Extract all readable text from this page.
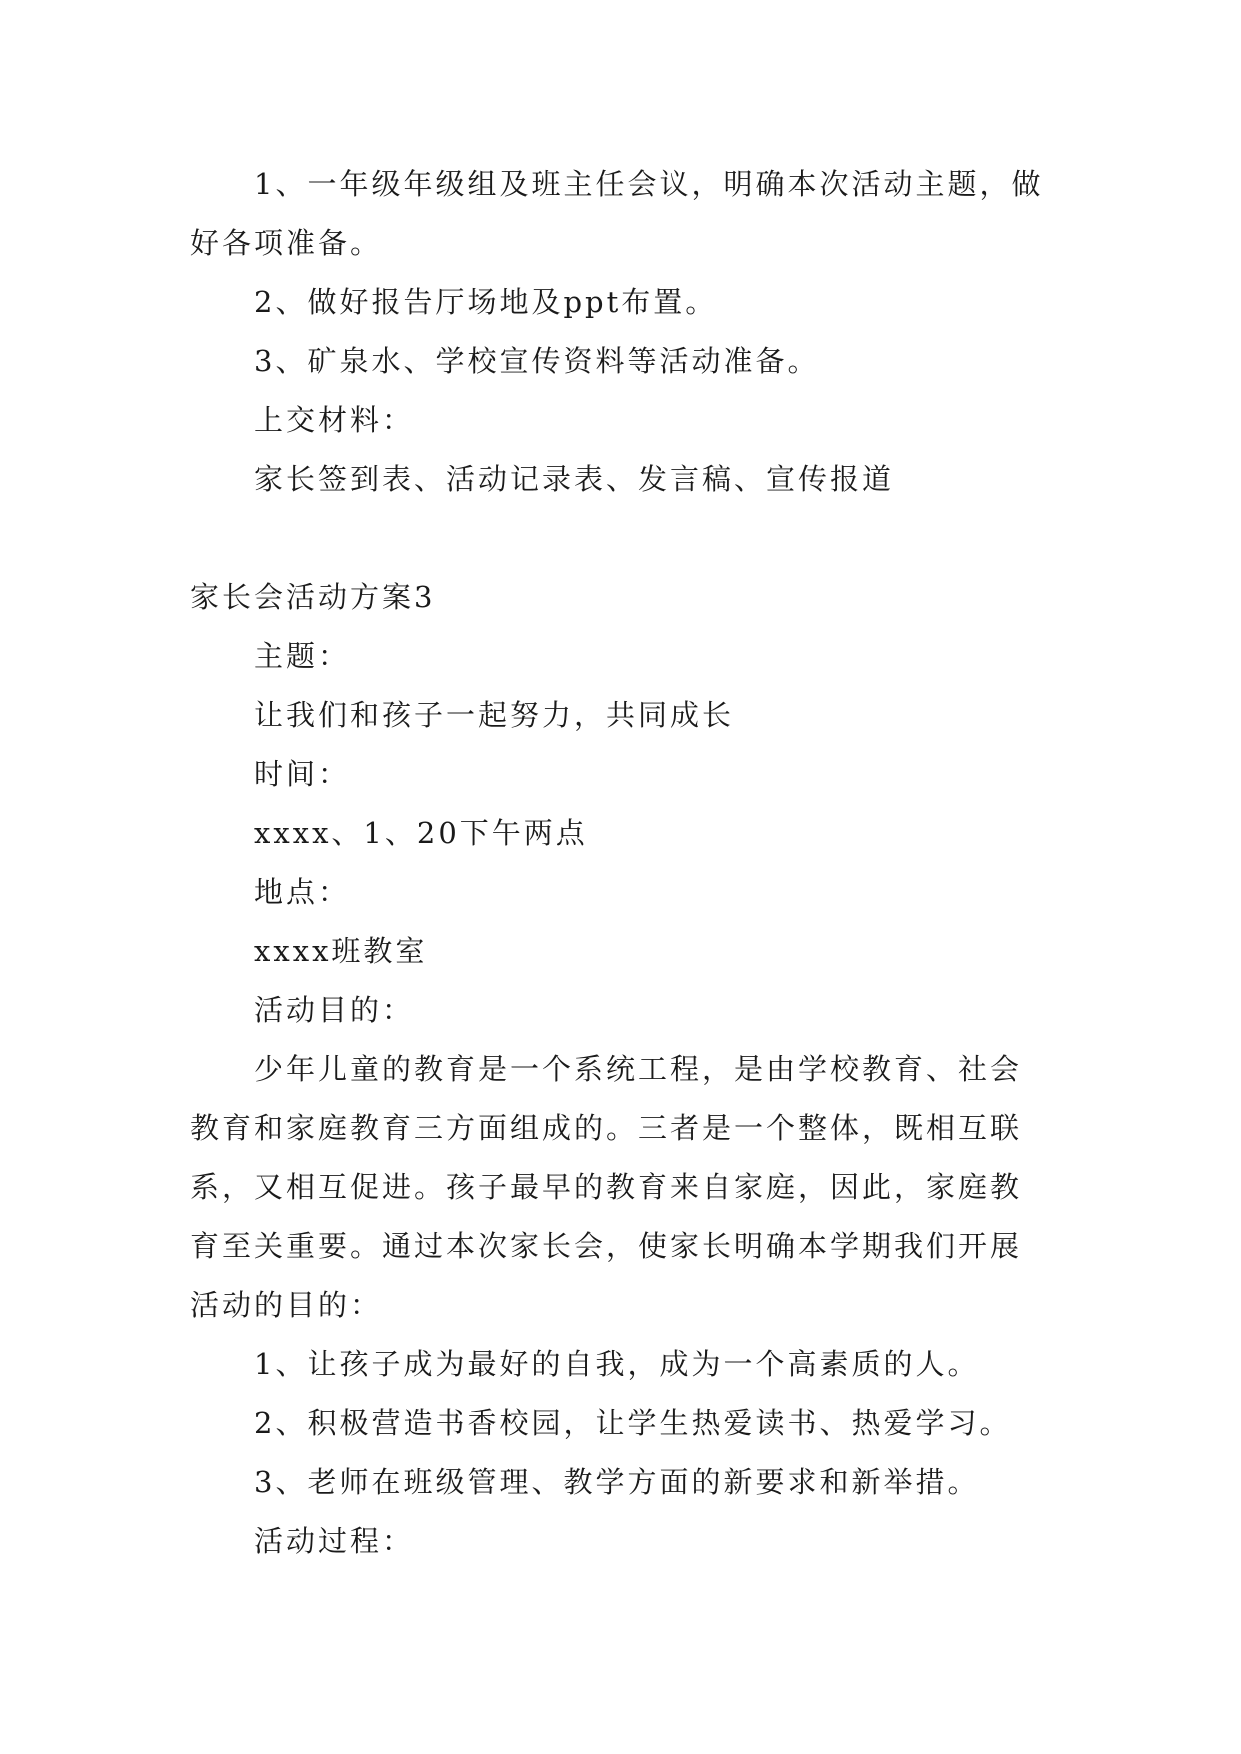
1、一年级年级组及班主任会议，明确本次活动主题，做好各项准备。

2、做好报告厅场地及ppt布置。

3、矿泉水、学校宣传资料等活动准备。

上交材料：

家长签到表、活动记录表、发言稿、宣传报道

家长会活动方案3

主题：

让我们和孩子一起努力，共同成长

时间：

xxxx、1、20下午两点

地点：

xxxx班教室

活动目的：

少年儿童的教育是一个系统工程，是由学校教育、社会教育和家庭教育三方面组成的。三者是一个整体，既相互联系，又相互促进。孩子最早的教育来自家庭，因此，家庭教育至关重要。通过本次家长会，使家长明确本学期我们开展活动的目的：

1、让孩子成为最好的自我，成为一个高素质的人。

2、积极营造书香校园，让学生热爱读书、热爱学习。

3、老师在班级管理、教学方面的新要求和新举措。

活动过程：
